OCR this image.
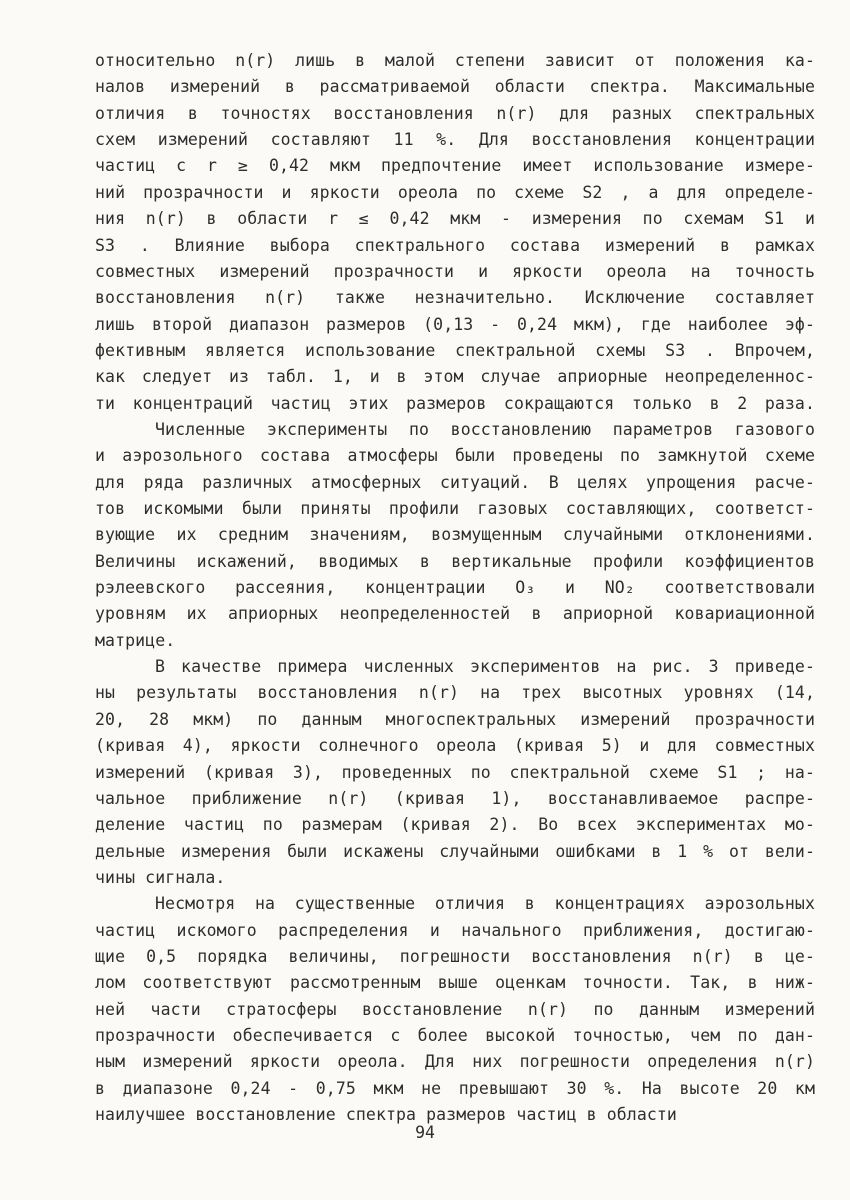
относительно n(r) лишь в малой степени зависит от положения ка-
налов измерений в рассматриваемой области спектра. Максимальные
отличия в точностях восстановления n(r) для разных спектральных
схем измерений составляют 11 %. Для восстановления концентрации
частиц с r ≥ 0,42 мкм предпочтение имеет использование измере-
ний прозрачности и яркости ореола по схеме S2 , а для определе-
ния n(r) в области r ≤ 0,42 мкм - измерения по схемам S1 и
S3 . Влияние выбора спектрального состава измерений в рамках
совместных измерений прозрачности и яркости ореола на точность
восстановления n(r) также незначительно. Исключение составляет
лишь второй диапазон размеров (0,13 - 0,24 мкм), где наиболее эф-
фективным является использование спектральной схемы S3 . Впрочем,
как следует из табл. 1, и в этом случае априорные неопределеннос-
ти концентраций частиц этих размеров сокращаются только в 2 раза.
Численные эксперименты по восстановлению параметров газового
и аэрозольного состава атмосферы были проведены по замкнутой схеме
для ряда различных атмосферных ситуаций. В целях упрощения расче-
тов искомыми были приняты профили газовых составляющих, соответст-
вующие их средним значениям, возмущенным случайными отклонениями.
Величины искажений, вводимых в вертикальные профили коэффициентов
рэлеевского рассеяния, концентрации O₃ и NO₂ соответствовали
уровням их априорных неопределенностей в априорной ковариационной
матрице.
В качестве примера численных экспериментов на рис. 3 приведе-
ны результаты восстановления n(r) на трех высотных уровнях (14,
20, 28 мкм) по данным многоспектральных измерений прозрачности
(кривая 4), яркости солнечного ореола (кривая 5) и для совместных
измерений (кривая 3), проведенных по спектральной схеме S1 ; на-
чальное приближение n(r) (кривая 1), восстанавливаемое распре-
деление частиц по размерам (кривая 2). Во всех экспериментах мо-
дельные измерения были искажены случайными ошибками в 1 % от вели-
чины сигнала.
Несмотря на существенные отличия в концентрациях аэрозольных
частиц искомого распределения и начального приближения, достигаю-
щие 0,5 порядка величины, погрешности восстановления n(r) в це-
лом соответствуют рассмотренным выше оценкам точности. Так, в ниж-
ней части стратосферы восстановление n(r) по данным измерений
прозрачности обеспечивается с более высокой точностью, чем по дан-
ным измерений яркости ореола. Для них погрешности определения n(r)
в диапазоне 0,24 - 0,75 мкм не превышают 30 %. На высоте 20 км
94
наилучшее восстановление спектра размеров частиц в области
